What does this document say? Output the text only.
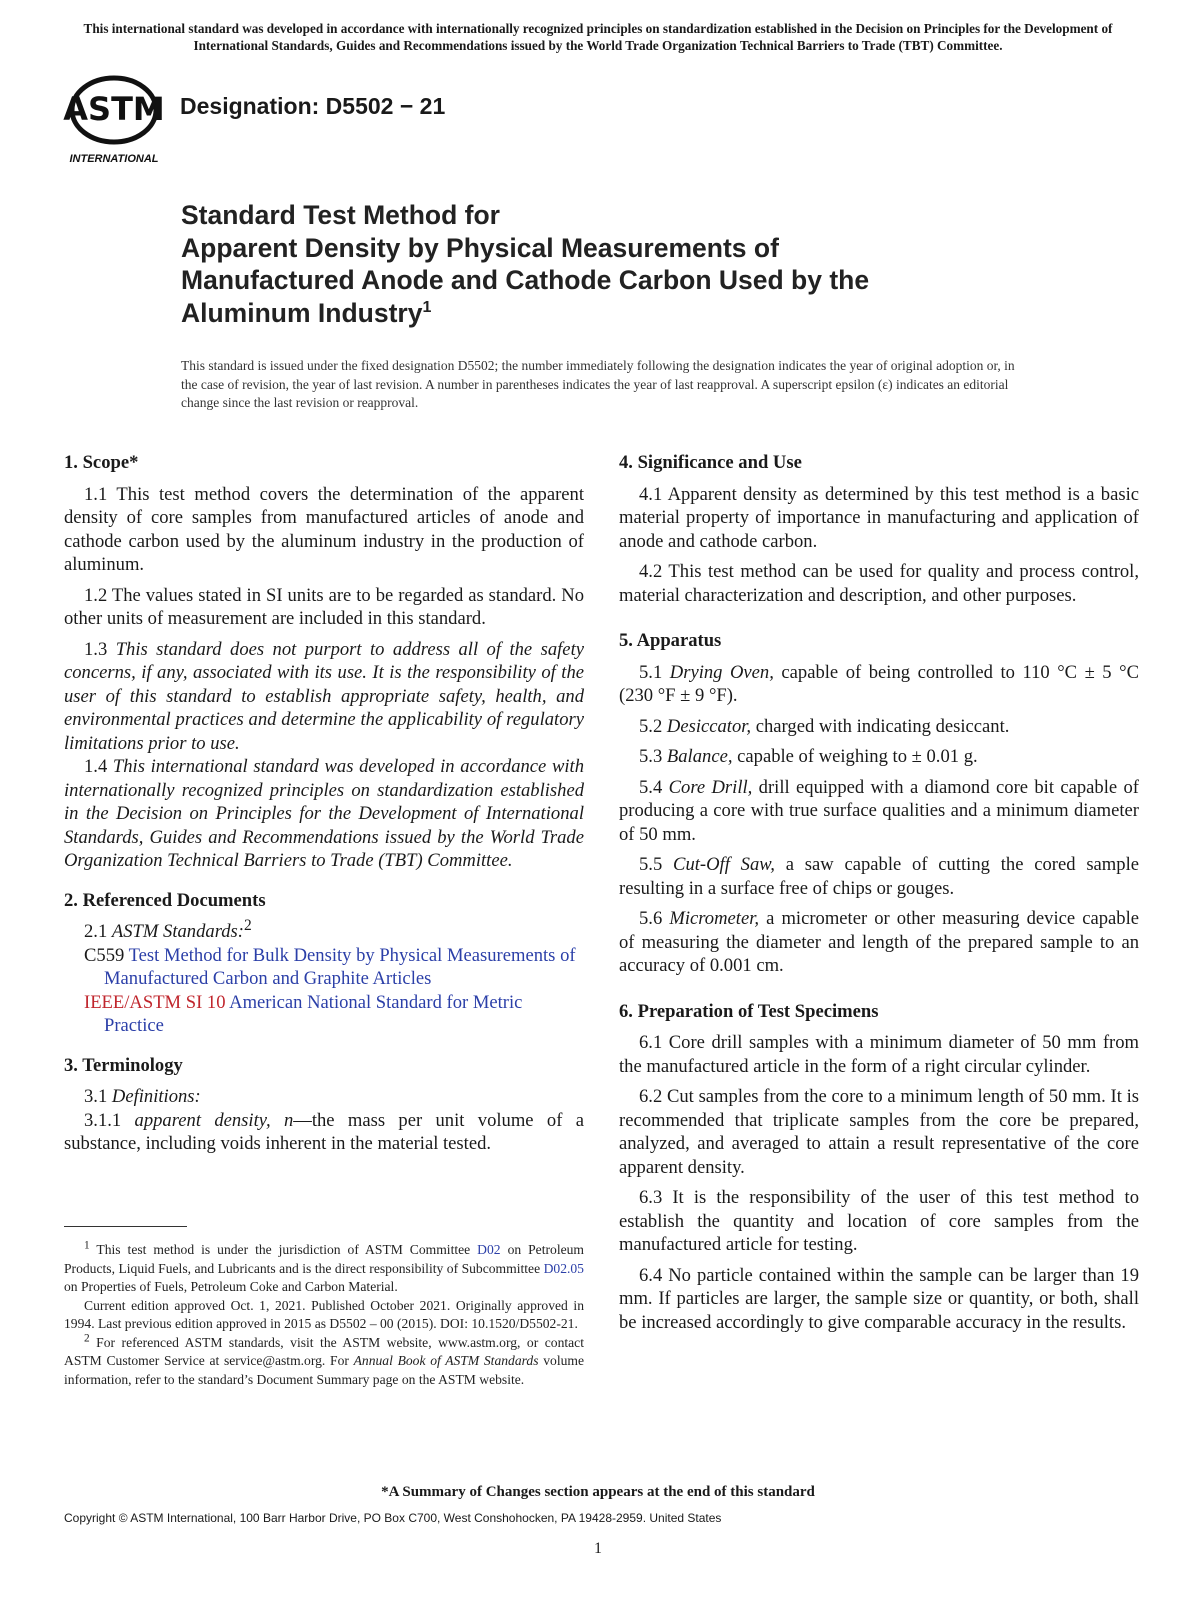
This international standard was developed in accordance with internationally recognized principles on standardization established in the Decision on Principles for the Development of International Standards, Guides and Recommendations issued by the World Trade Organization Technical Barriers to Trade (TBT) Committee.
ASTM
INTERNATIONAL
Designation: D5502 − 21
Standard Test Method for
Apparent Density by Physical Measurements of
Manufactured Anode and Cathode Carbon Used by the
Aluminum Industry$^1$
This standard is issued under the fixed designation D5502; the number immediately following the designation indicates the year of original adoption or, in the case of revision, the year of last revision. A number in parentheses indicates the year of last reapproval. A superscript epsilon (ε) indicates an editorial change since the last revision or reapproval.
1. Scope*

1.1 This test method covers the determination of the apparent density of core samples from manufactured articles of anode and cathode carbon used by the aluminum industry in the production of aluminum.

1.2 The values stated in SI units are to be regarded as standard. No other units of measurement are included in this standard.

1.3 This standard does not purport to address all of the safety concerns, if any, associated with its use. It is the responsibility of the user of this standard to establish appropriate safety, health, and environmental practices and determine the applicability of regulatory limitations prior to use.

1.4 This international standard was developed in accordance with internationally recognized principles on standardization established in the Decision on Principles for the Development of International Standards, Guides and Recommendations issued by the World Trade Organization Technical Barriers to Trade (TBT) Committee.

2. Referenced Documents

2.1 ASTM Standards:$^2$

C559 Test Method for Bulk Density by Physical Measurements of Manufactured Carbon and Graphite Articles

IEEE/ASTM SI 10 American National Standard for Metric Practice

3. Terminology

3.1 Definitions:

3.1.1 apparent density, n—the mass per unit volume of a substance, including voids inherent in the material tested.

$^1$ This test method is under the jurisdiction of ASTM Committee D02 on Petroleum Products, Liquid Fuels, and Lubricants and is the direct responsibility of Subcommittee D02.05 on Properties of Fuels, Petroleum Coke and Carbon Material.

Current edition approved Oct. 1, 2021. Published October 2021. Originally approved in 1994. Last previous edition approved in 2015 as D5502 – 00 (2015). DOI: 10.1520/D5502-21.

$^2$ For referenced ASTM standards, visit the ASTM website, www.astm.org, or contact ASTM Customer Service at service@astm.org. For Annual Book of ASTM Standards volume information, refer to the standard’s Document Summary page on the ASTM website.

4. Significance and Use

4.1 Apparent density as determined by this test method is a basic material property of importance in manufacturing and application of anode and cathode carbon.

4.2 This test method can be used for quality and process control, material characterization and description, and other purposes.

5. Apparatus

5.1 Drying Oven, capable of being controlled to 110 °C ± 5 °C (230 °F ± 9 °F).

5.2 Desiccator, charged with indicating desiccant.

5.3 Balance, capable of weighing to ± 0.01 g.

5.4 Core Drill, drill equipped with a diamond core bit capable of producing a core with true surface qualities and a minimum diameter of 50 mm.

5.5 Cut-Off Saw, a saw capable of cutting the cored sample resulting in a surface free of chips or gouges.

5.6 Micrometer, a micrometer or other measuring device capable of measuring the diameter and length of the prepared sample to an accuracy of 0.001 cm.

6. Preparation of Test Specimens

6.1 Core drill samples with a minimum diameter of 50 mm from the manufactured article in the form of a right circular cylinder.

6.2 Cut samples from the core to a minimum length of 50 mm. It is recommended that triplicate samples from the core be prepared, analyzed, and averaged to attain a result representative of the core apparent density.

6.3 It is the responsibility of the user of this test method to establish the quantity and location of core samples from the manufactured article for testing.

6.4 No particle contained within the sample can be larger than 19 mm. If particles are larger, the sample size or quantity, or both, shall be increased accordingly to give comparable accuracy in the results.

*A Summary of Changes section appears at the end of this standard
Copyright © ASTM International, 100 Barr Harbor Drive, PO Box C700, West Conshohocken, PA 19428-2959. United States
1
